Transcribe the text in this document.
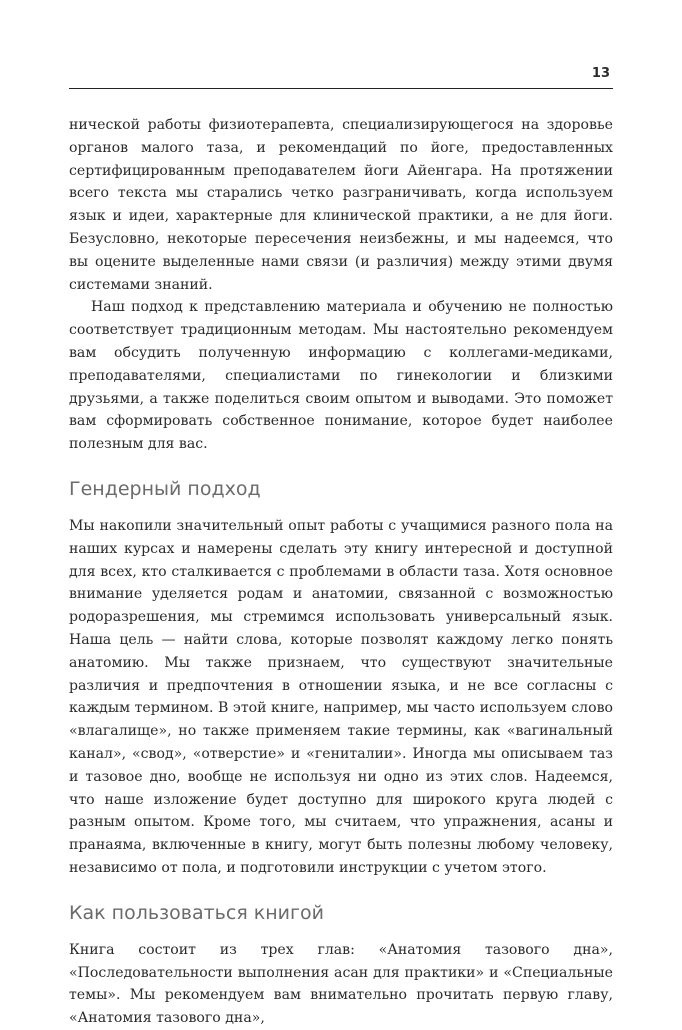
13

нической работы физиотерапевта, специализирующегося на здоровье органов малого таза, и рекомендаций по йоге, предоставленных сертифицированным преподавателем йоги Айенгара. На протяжении всего текста мы старались четко разграничивать, когда используем язык и идеи, характерные для клинической практики, а не для йоги. Безусловно, некоторые пересечения неизбежны, и мы надеемся, что вы оцените выделенные нами связи (и различия) между этими двумя системами знаний.

Наш подход к представлению материала и обучению не полностью соответствует традиционным методам. Мы настоятельно рекомендуем вам обсудить полученную информацию с коллегами-медиками, преподавателями, специалистами по гинекологии и близкими друзьями, а также поделиться своим опытом и выводами. Это поможет вам сформировать собственное понимание, которое будет наиболее полезным для вас.

Гендерный подход

Мы накопили значительный опыт работы с учащимися разного пола на наших курсах и намерены сделать эту книгу интересной и доступной для всех, кто сталкивается с проблемами в области таза. Хотя основное внимание уделяется родам и анатомии, связанной с возможностью родоразрешения, мы стремимся использовать универсальный язык. Наша цель — найти слова, которые позволят каждому легко понять анатомию. Мы также признаем, что существуют значительные различия и предпочтения в отношении языка, и не все согласны с каждым термином. В этой книге, например, мы часто используем слово «влагалище», но также применяем такие термины, как «вагинальный канал», «свод», «отверстие» и «гениталии». Иногда мы описываем таз и тазовое дно, вообще не используя ни одно из этих слов. Надеемся, что наше изложение будет доступно для широкого круга людей с разным опытом. Кроме того, мы считаем, что упражнения, асаны и пранаяма, включенные в книгу, могут быть полезны любому человеку, независимо от пола, и подготовили инструкции с учетом этого.

Как пользоваться книгой

Книга состоит из трех глав: «Анатомия тазового дна», «Последовательности выполнения асан для практики» и «Специальные темы». Мы рекомендуем вам внимательно прочитать первую главу, «Анатомия тазового дна»,
